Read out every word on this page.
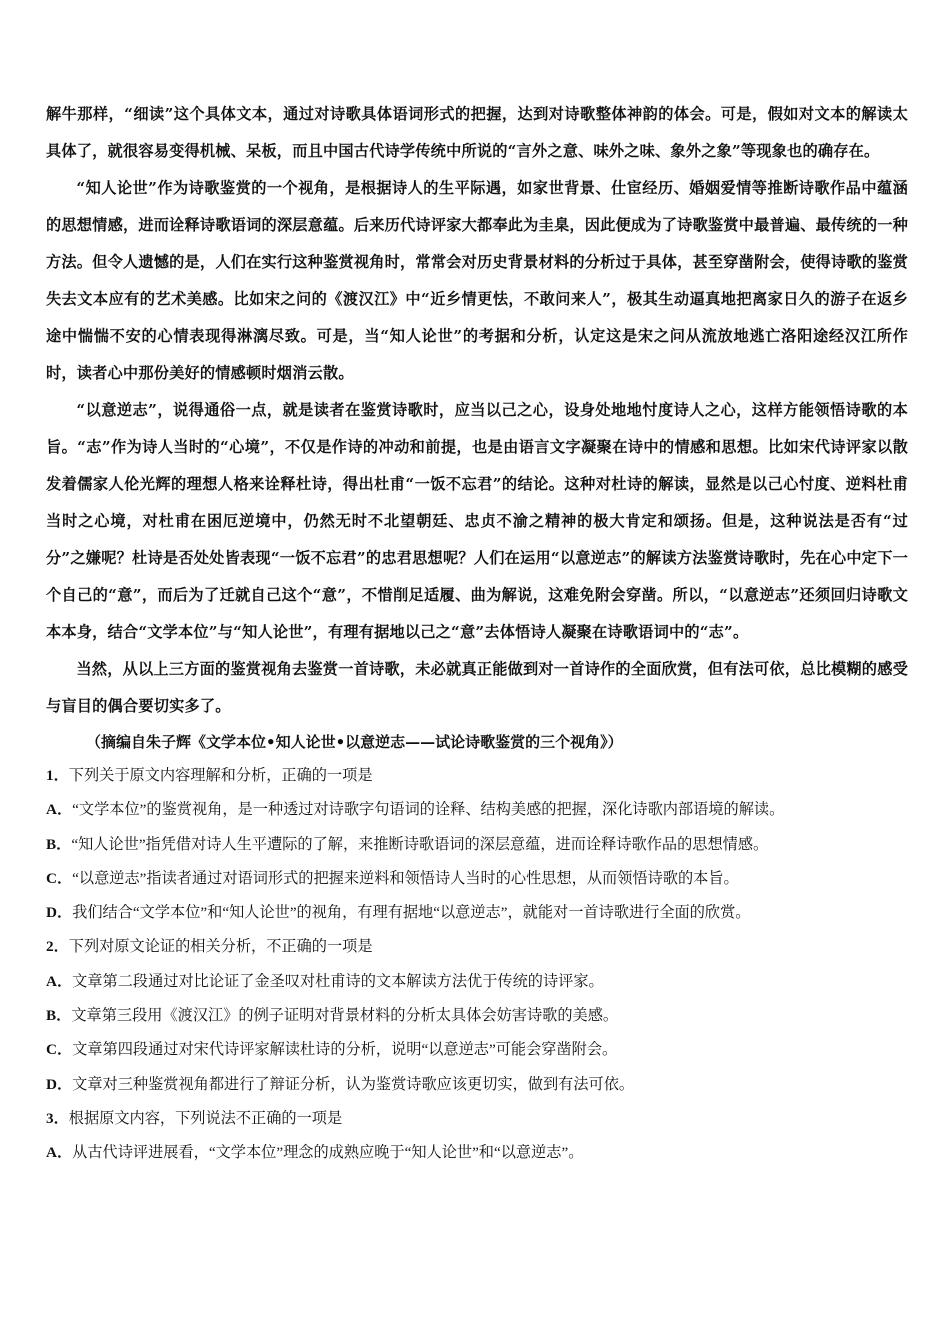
解牛那样，“细读”这个具体文本，通过对诗歌具体语词形式的把握，达到对诗歌整体神韵的体会。可是，假如对文本的解读太具体了，就很容易变得机械、呆板，而且中国古代诗学传统中所说的“言外之意、味外之味、象外之象”等现象也的确存在。

“知人论世”作为诗歌鉴赏的一个视角，是根据诗人的生平际遇，如家世背景、仕宦经历、婚姻爱情等推断诗歌作品中蕴涵的思想情感，进而诠释诗歌语词的深层意蕴。后来历代诗评家大都奉此为圭臬，因此便成为了诗歌鉴赏中最普遍、最传统的一种方法。但令人遗憾的是，人们在实行这种鉴赏视角时，常常会对历史背景材料的分析过于具体，甚至穿凿附会，使得诗歌的鉴赏失去文本应有的艺术美感。比如宋之问的《渡汉江》中“近乡情更怯，不敢问来人”，极其生动逼真地把离家日久的游子在返乡途中惴惴不安的心情表现得淋漓尽致。可是，当“知人论世”的考据和分析，认定这是宋之问从流放地逃亡洛阳途经汉江所作时，读者心中那份美好的情感顿时烟消云散。

“以意逆志”，说得通俗一点，就是读者在鉴赏诗歌时，应当以己之心，设身处地地忖度诗人之心，这样方能领悟诗歌的本旨。“志”作为诗人当时的“心境”，不仅是作诗的冲动和前提，也是由语言文字凝聚在诗中的情感和思想。比如宋代诗评家以散发着儒家人伦光辉的理想人格来诠释杜诗，得出杜甫“一饭不忘君”的结论。这种对杜诗的解读，显然是以己心忖度、逆料杜甫当时之心境，对杜甫在困厄逆境中，仍然无时不北望朝廷、忠贞不渝之精神的极大肯定和颂扬。但是，这种说法是否有“过分”之嫌呢？杜诗是否处处皆表现“一饭不忘君”的忠君思想呢？人们在运用“以意逆志”的解读方法鉴赏诗歌时，先在心中定下一个自己的“意”，而后为了迁就自己这个“意”，不惜削足适履、曲为解说，这难免附会穿凿。所以，“以意逆志”还须回归诗歌文本本身，结合“文学本位”与“知人论世”，有理有据地以己之“意”去体悟诗人凝聚在诗歌语词中的“志”。

当然，从以上三方面的鉴赏视角去鉴赏一首诗歌，未必就真正能做到对一首诗作的全面欣赏，但有法可依，总比模糊的感受与盲目的偶合要切实多了。

（摘编自朱子辉《文学本位•知人论世•以意逆志——试论诗歌鉴赏的三个视角》）

1．下列关于原文内容理解和分析，正确的一项是

A．“文学本位”的鉴赏视角，是一种透过对诗歌字句语词的诠释、结构美感的把握，深化诗歌内部语境的解读。

B．“知人论世”指凭借对诗人生平遭际的了解，来推断诗歌语词的深层意蕴，进而诠释诗歌作品的思想情感。

C．“以意逆志”指读者通过对语词形式的把握来逆料和领悟诗人当时的心性思想，从而领悟诗歌的本旨。

D．我们结合“文学本位”和“知人论世”的视角，有理有据地“以意逆志”，就能对一首诗歌进行全面的欣赏。

2．下列对原文论证的相关分析，不正确的一项是

A．文章第二段通过对比论证了金圣叹对杜甫诗的文本解读方法优于传统的诗评家。

B．文章第三段用《渡汉江》的例子证明对背景材料的分析太具体会妨害诗歌的美感。

C．文章第四段通过对宋代诗评家解读杜诗的分析，说明“以意逆志”可能会穿凿附会。

D．文章对三种鉴赏视角都进行了辩证分析，认为鉴赏诗歌应该更切实，做到有法可依。

3．根据原文内容，下列说法不正确的一项是

A．从古代诗评进展看，“文学本位”理念的成熟应晚于“知人论世”和“以意逆志”。
